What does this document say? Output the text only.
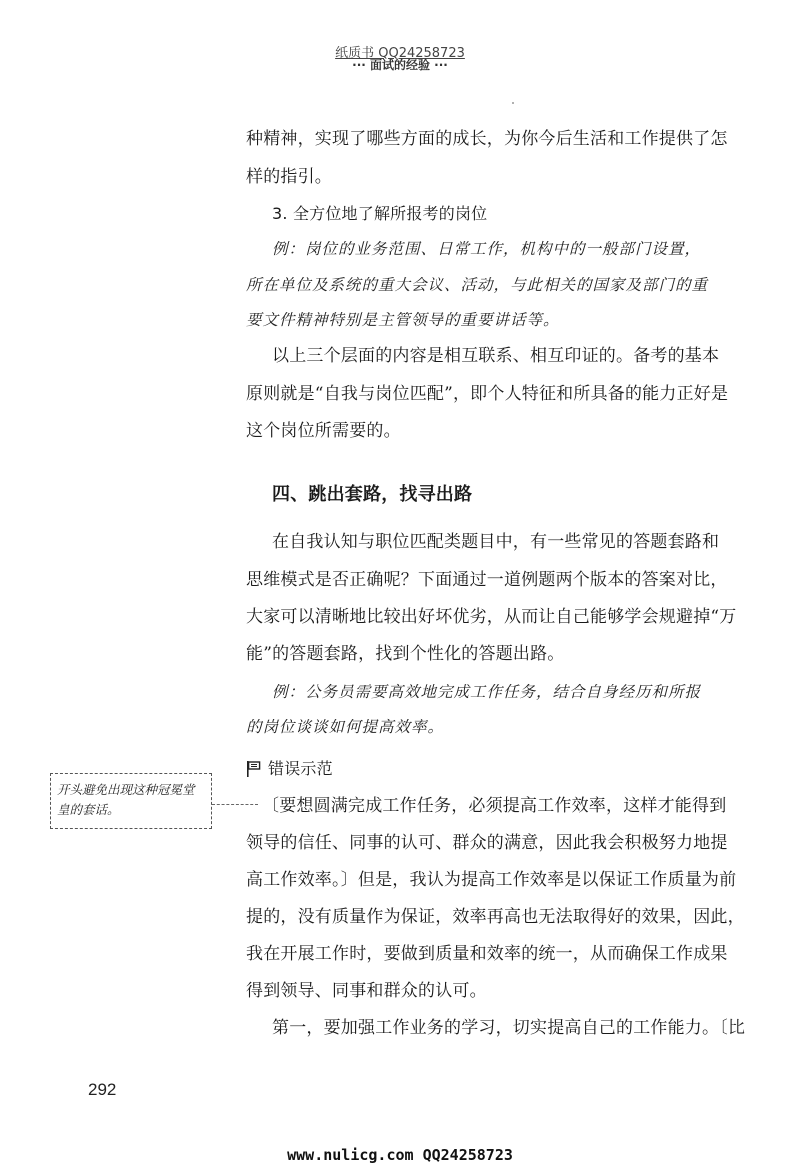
纸质书 QQ24258723
··· 面试的经验 ···
种精神，实现了哪些方面的成长，为你今后生活和工作提供了怎
样的指引。
3. 全方位地了解所报考的岗位
例：岗位的业务范围、日常工作，机构中的一般部门设置，
所在单位及系统的重大会议、活动，与此相关的国家及部门的重
要文件精神特别是主管领导的重要讲话等。
以上三个层面的内容是相互联系、相互印证的。备考的基本
原则就是“自我与岗位匹配”，即个人特征和所具备的能力正好是
这个岗位所需要的。
四、跳出套路，找寻出路
在自我认知与职位匹配类题目中，有一些常见的答题套路和
思维模式是否正确呢？下面通过一道例题两个版本的答案对比，
大家可以清晰地比较出好坏优劣，从而让自己能够学会规避掉“万
能”的答题套路，找到个性化的答题出路。
例：公务员需要高效地完成工作任务，结合自身经历和所报
的岗位谈谈如何提高效率。
错误示范
开头避免出现这种冠冕堂皇的套话。	〔要想圆满完成工作任务，必须提高工作效率，这样才能得到
领导的信任、同事的认可、群众的满意，因此我会积极努力地提
高工作效率。〕但是，我认为提高工作效率是以保证工作质量为前
提的，没有质量作为保证，效率再高也无法取得好的效果，因此，
我在开展工作时，要做到质量和效率的统一，从而确保工作成果
得到领导、同事和群众的认可。
第一，要加强工作业务的学习，切实提高自己的工作能力。〔比
292
www.nulicg.com QQ24258723
